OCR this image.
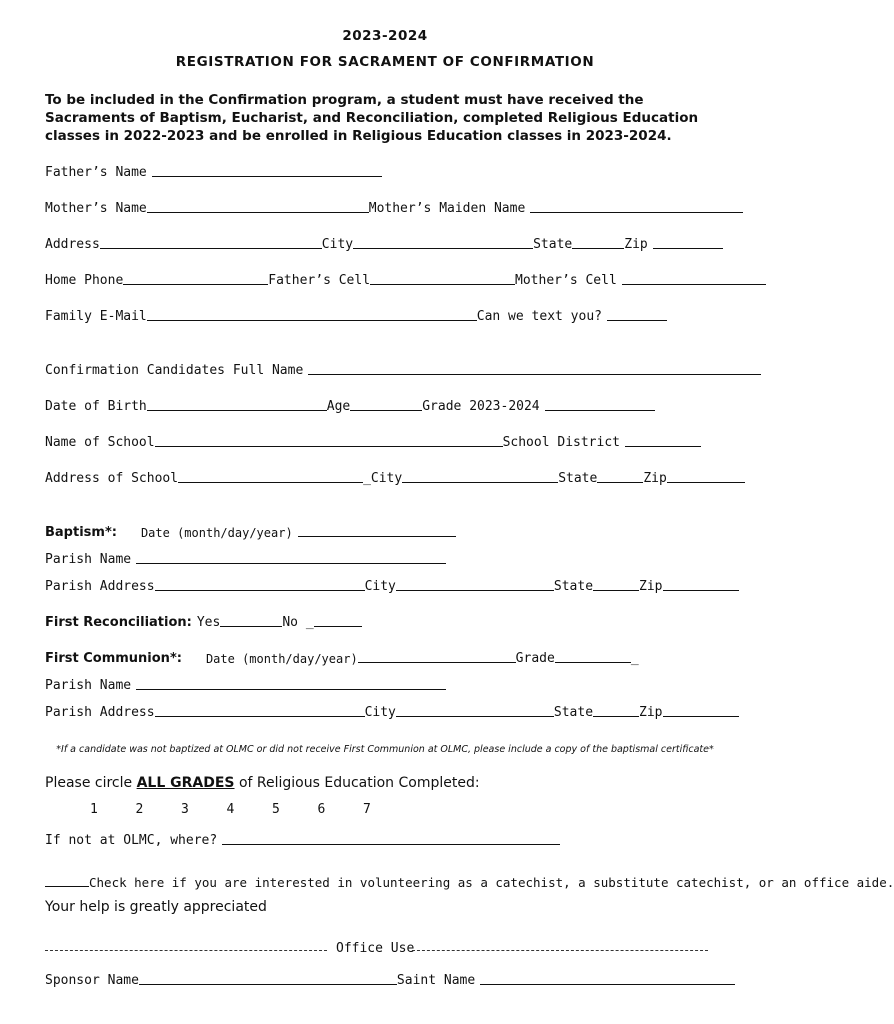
2023-2024
REGISTRATION FOR SACRAMENT OF CONFIRMATION
To be included in the Confirmation program, a student must have received the Sacraments of Baptism, Eucharist, and Reconciliation, completed Religious Education classes in 2022-2023 and be enrolled in Religious Education classes in 2023-2024.
Father’s Name
Mother’s Name	Mother’s Maiden Name
Address	City	State	Zip
Home Phone	Father’s Cell	Mother’s Cell
Family E-Mail	Can we text you?
Confirmation Candidates Full Name
Date of Birth	Age	Grade 2023-2024
Name of School	School District
Address of School	_City	State	Zip
Baptism*: Date (month/day/year)
Parish Name
Parish Address	City	State	Zip
First Reconciliation: Yes	No _
First Communion*: Date (month/day/year)	Grade	_
Parish Name
Parish Address	City	State	Zip
*If a candidate was not baptized at OLMC or did not receive First Communion at OLMC, please include a copy of the baptismal certificate*
Please circle ALL GRADES of Religious Education Completed:
1	2	3	4	5	6	7
If not at OLMC, where?
Check here if you are interested in volunteering as a catechist, a substitute catechist, or an office aide.
Your help is greatly appreciated
Office Use
Sponsor Name	Saint Name
